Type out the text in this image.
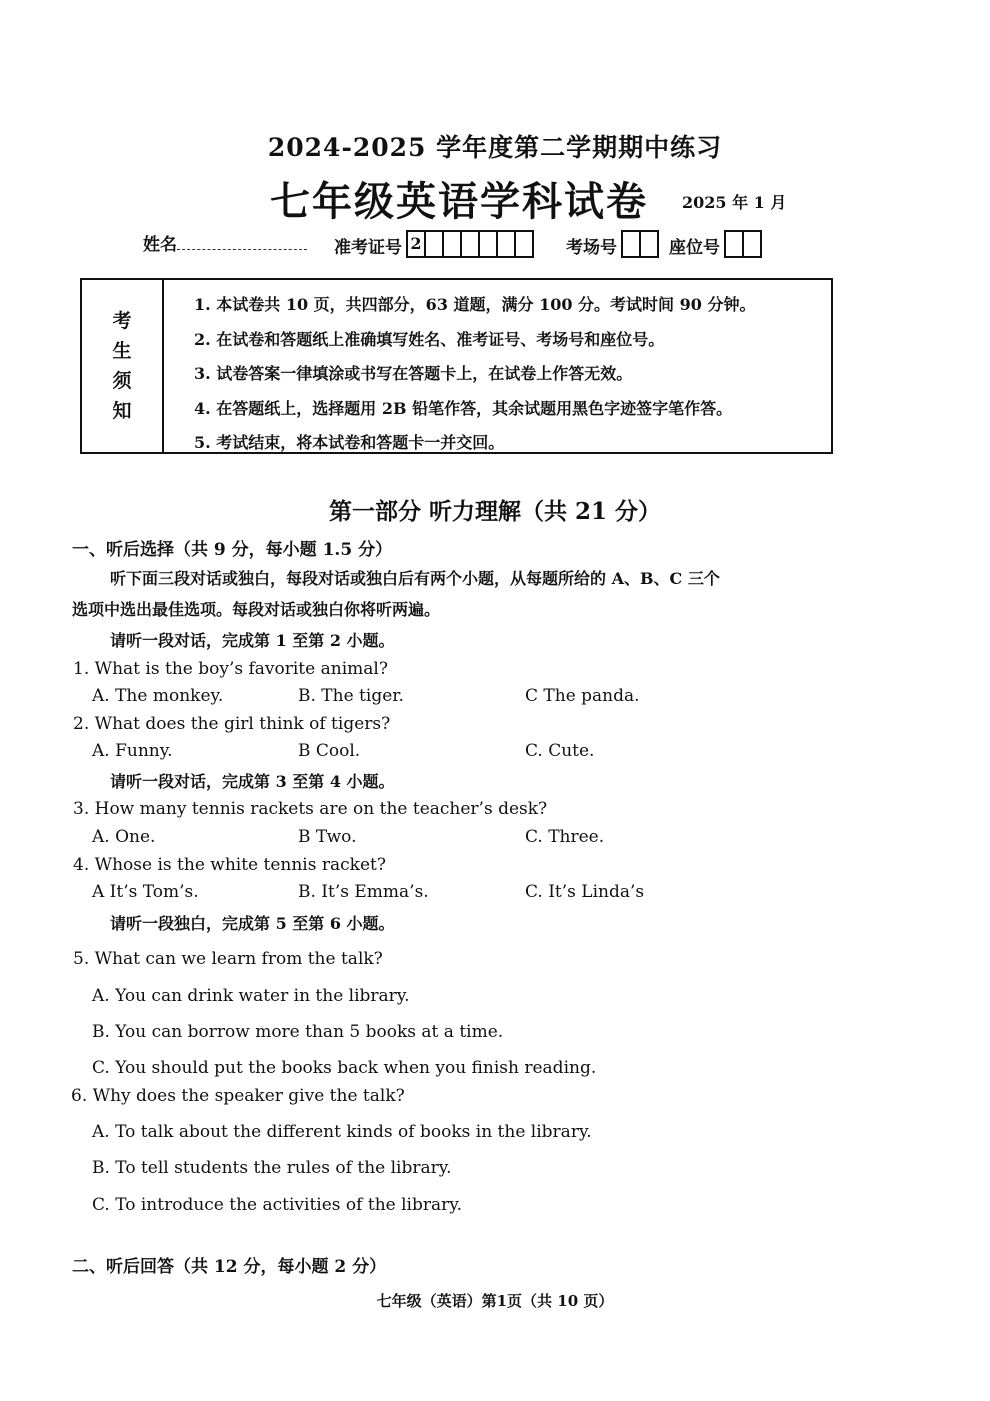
2024-2025 学年度第二学期期中练习
七年级英语学科试卷 2025 年 1 月
姓名	准考证号 2	考场号	座位号
考
生
须
知
1. 本试卷共 10 页，共四部分，63 道题，满分 100 分。考试时间 90 分钟。
2. 在试卷和答题纸上准确填写姓名、准考证号、考场号和座位号。
3. 试卷答案一律填涂或书写在答题卡上，在试卷上作答无效。
4. 在答题纸上，选择题用 2B 铅笔作答，其余试题用黑色字迹签字笔作答。
5. 考试结束，将本试卷和答题卡一并交回。
第一部分 听力理解（共 21 分）
一、听后选择（共 9 分，每小题 1.5 分）
听下面三段对话或独白，每段对话或独白后有两个小题，从每题所给的 A、B、C 三个
选项中选出最佳选项。每段对话或独白你将听两遍。
请听一段对话，完成第 1 至第 2 小题。
1. What is the boy’s favorite animal?
A. The monkey.	B. The tiger.	C The panda.
2. What does the girl think of tigers?
A. Funny.	B Cool.	C. Cute.
请听一段对话，完成第 3 至第 4 小题。
3. How many tennis rackets are on the teacher’s desk?
A. One.	B Two.	C. Three.
4. Whose is the white tennis racket?
A It’s Tom’s.	B. It’s Emma’s.	C. It’s Linda’s
请听一段独白，完成第 5 至第 6 小题。
5. What can we learn from the talk?
A. You can drink water in the library.
B. You can borrow more than 5 books at a time.
C. You should put the books back when you finish reading.
6. Why does the speaker give the talk?
A. To talk about the different kinds of books in the library.
B. To tell students the rules of the library.
C. To introduce the activities of the library.
二、听后回答（共 12 分，每小题 2 分）
七年级（英语）第1页（共 10 页）
